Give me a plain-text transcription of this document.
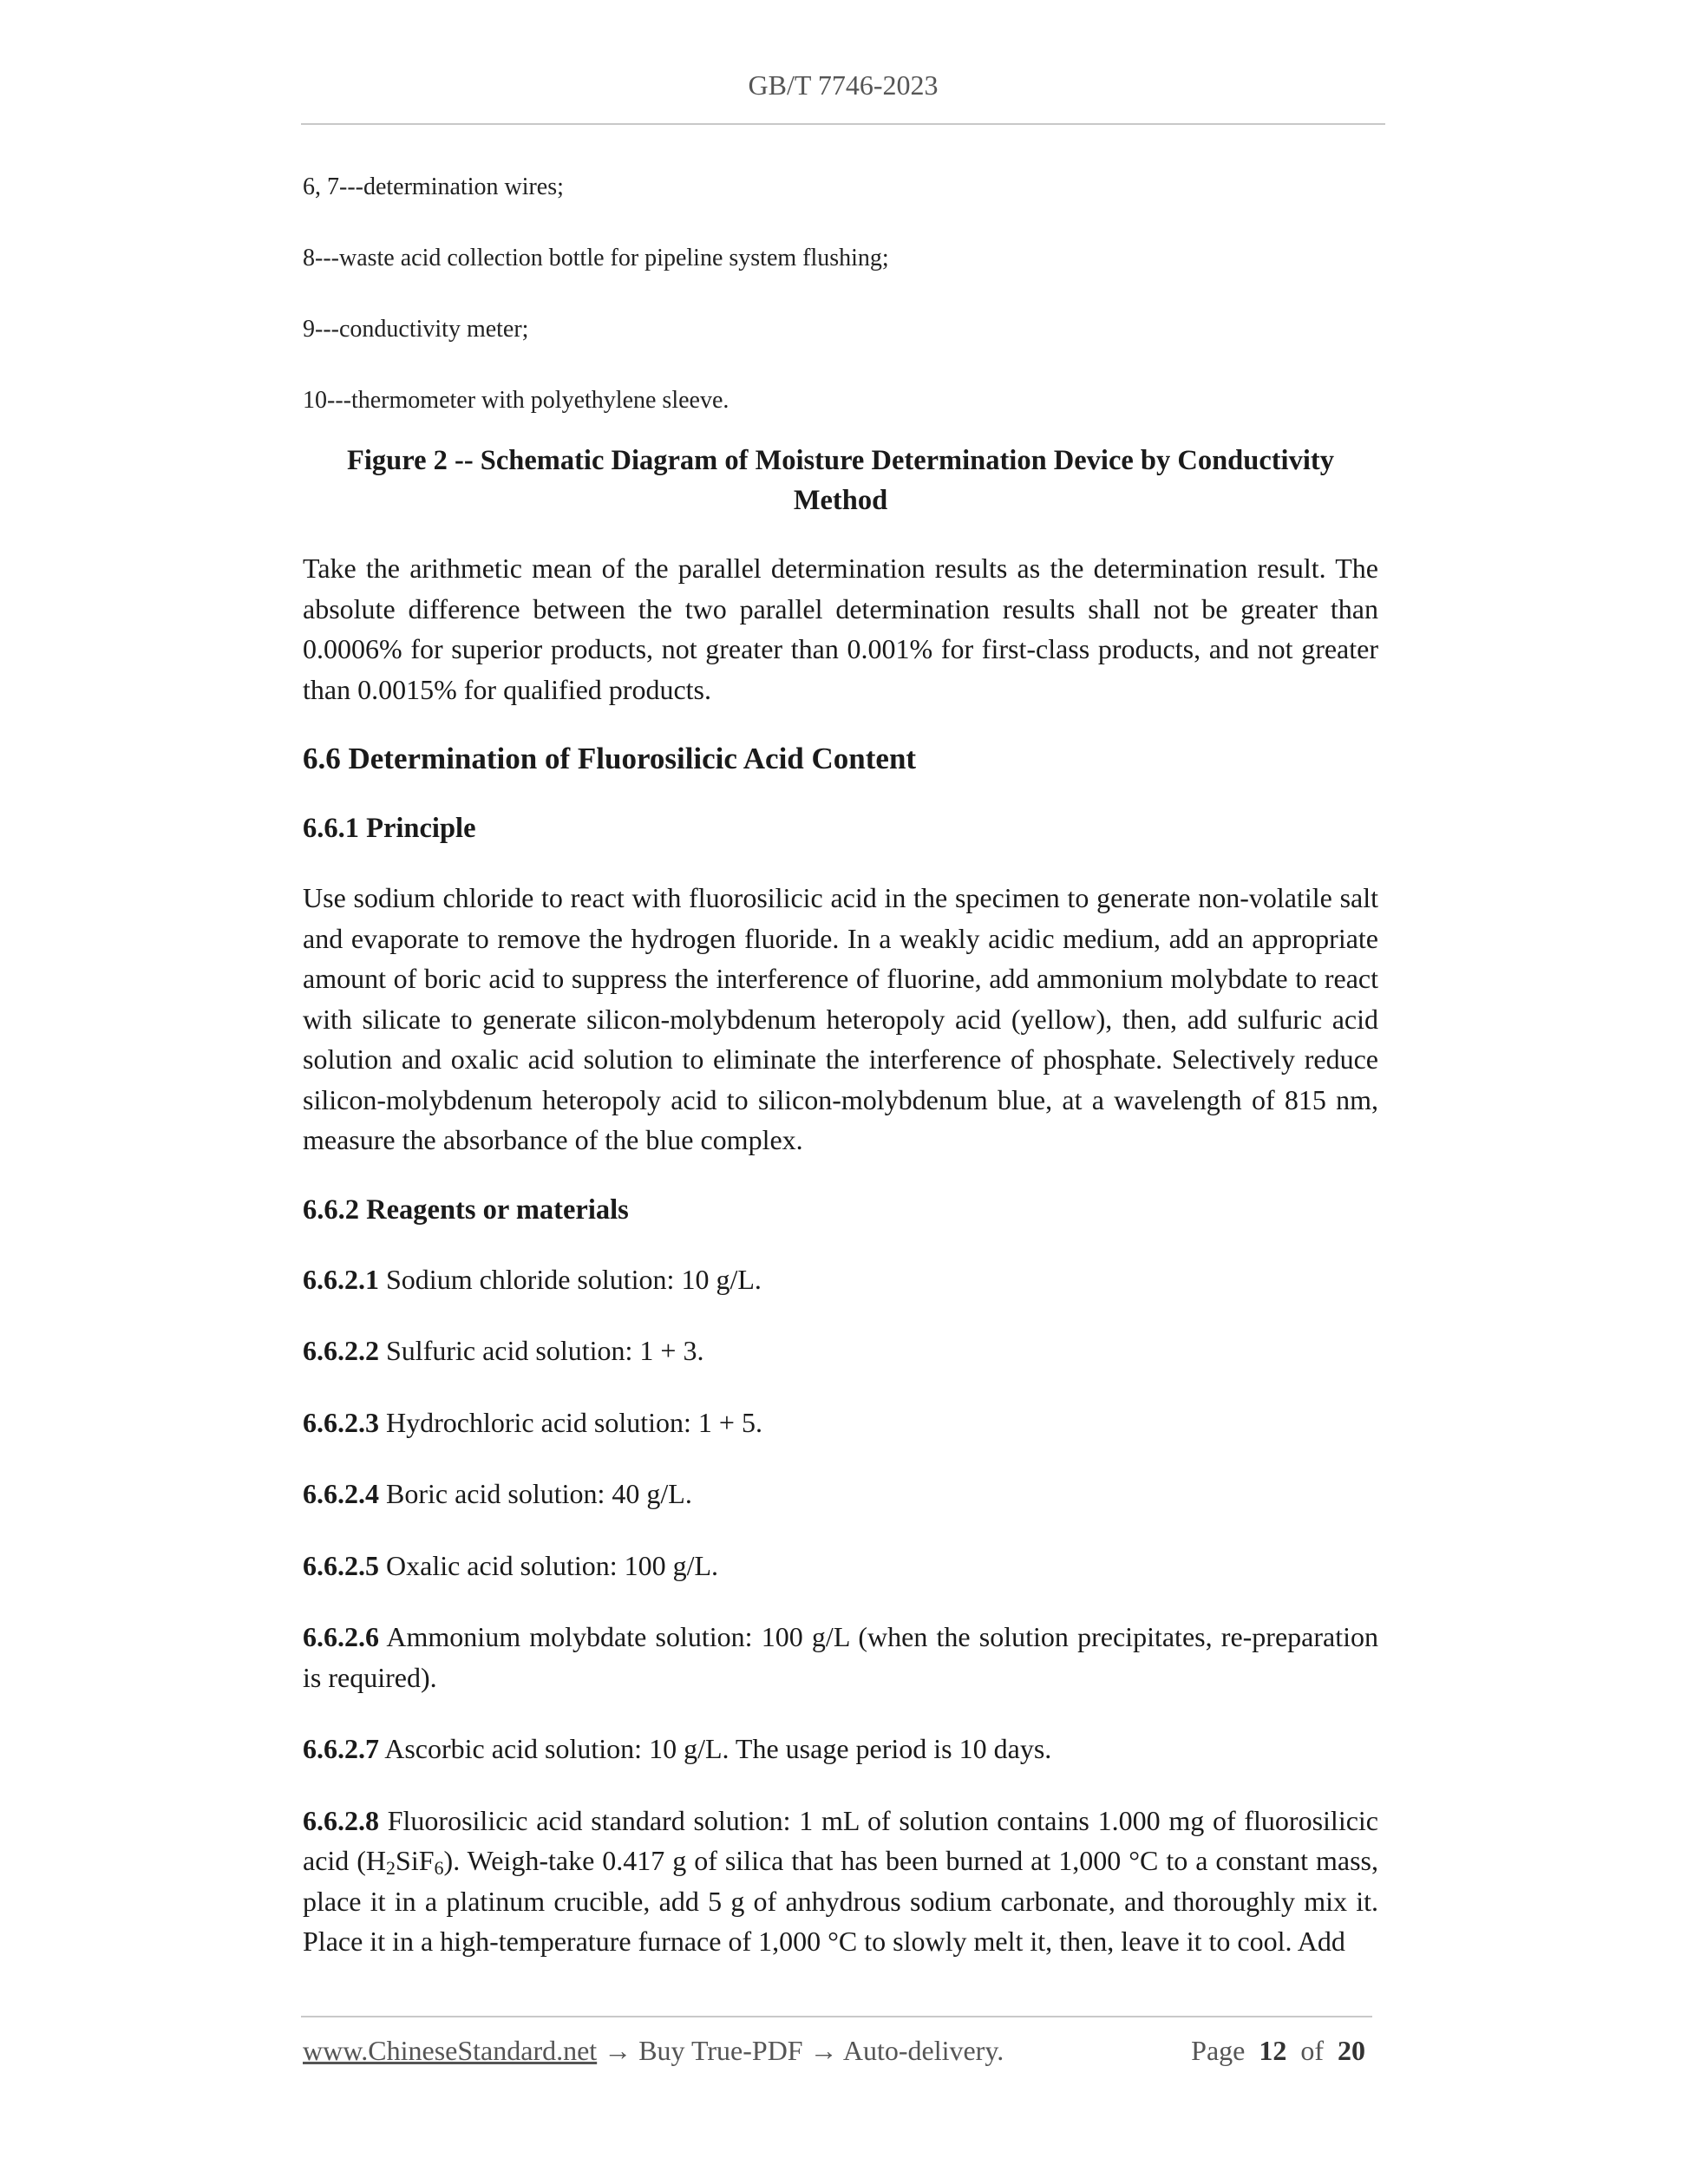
GB/T 7746-2023
6, 7---determination wires;
8---waste acid collection bottle for pipeline system flushing;
9---conductivity meter;
10---thermometer with polyethylene sleeve.
Figure 2 -- Schematic Diagram of Moisture Determination Device by Conductivity Method

Take the arithmetic mean of the parallel determination results as the determination result. The absolute difference between the two parallel determination results shall not be greater than 0.0006% for superior products, not greater than 0.001% for first-class products, and not greater than 0.0015% for qualified products.

6.6 Determination of Fluorosilicic Acid Content
6.6.1 Principle

Use sodium chloride to react with fluorosilicic acid in the specimen to generate non-volatile salt and evaporate to remove the hydrogen fluoride. In a weakly acidic medium, add an appropriate amount of boric acid to suppress the interference of fluorine, add ammonium molybdate to react with silicate to generate silicon-molybdenum heteropoly acid (yellow), then, add sulfuric acid solution and oxalic acid solution to eliminate the interference of phosphate. Selectively reduce silicon-molybdenum heteropoly acid to silicon-molybdenum blue, at a wavelength of 815 nm, measure the absorbance of the blue complex.

6.6.2 Reagents or materials

6.6.2.1 Sodium chloride solution: 10 g/L.

6.6.2.2 Sulfuric acid solution: 1 + 3.

6.6.2.3 Hydrochloric acid solution: 1 + 5.

6.6.2.4 Boric acid solution: 40 g/L.

6.6.2.5 Oxalic acid solution: 100 g/L.

6.6.2.6 Ammonium molybdate solution: 100 g/L (when the solution precipitates, re-preparation is required).

6.6.2.7 Ascorbic acid solution: 10 g/L. The usage period is 10 days.

6.6.2.8 Fluorosilicic acid standard solution: 1 mL of solution contains 1.000 mg of fluorosilicic acid $(H_2SiF_6)$. Weigh-take 0.417 g of silica that has been burned at 1,000 °C to a constant mass, place it in a platinum crucible, add 5 g of anhydrous sodium carbonate, and thoroughly mix it. Place it in a high-temperature furnace of 1,000 °C to slowly melt it, then, leave it to cool. Add

www.ChineseStandard.net → Buy True-PDF → Auto-delivery.	Page 12 of 20
